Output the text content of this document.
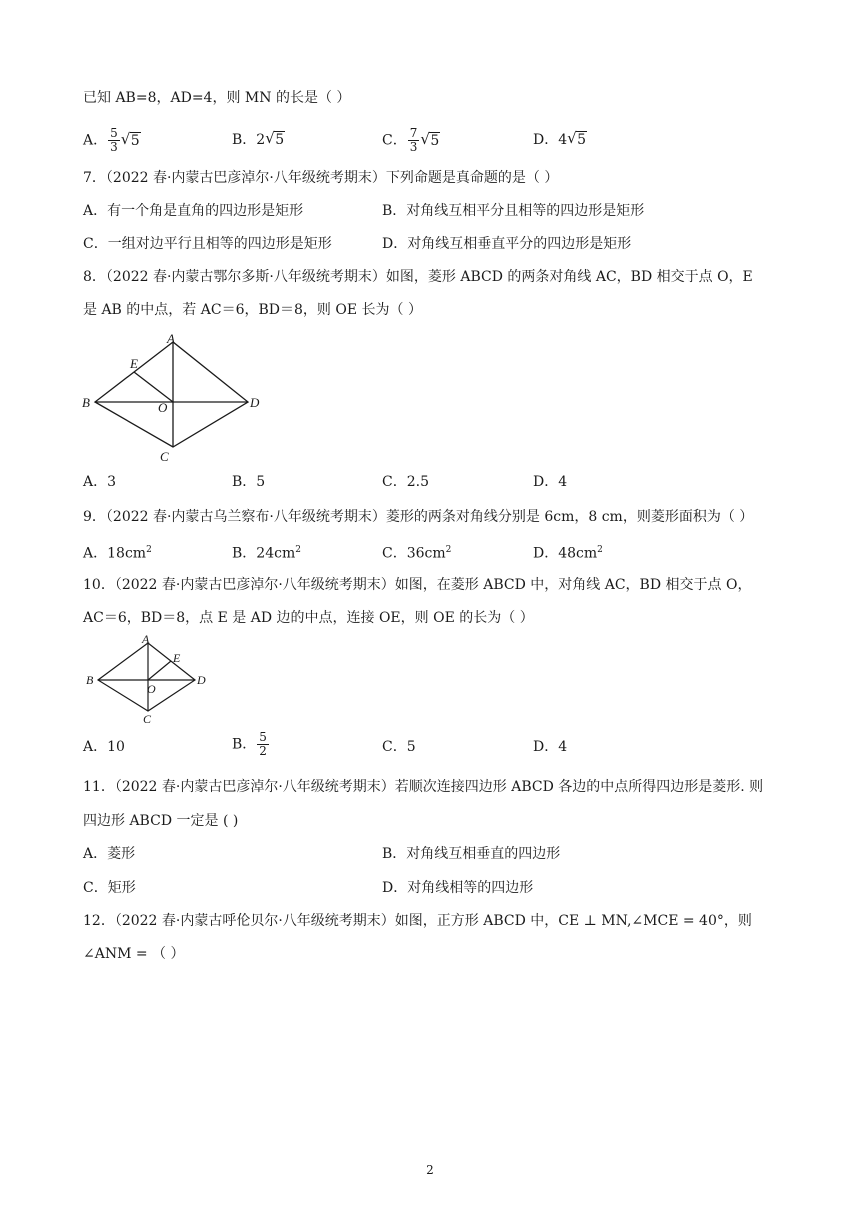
已知 AB=8，AD=4，则 MN 的长是（ ）
A． $\frac{5}{3}$ √ 5	B．2 √ 5	C． $\frac{7}{3}$ √ 5	D．4 √ 5
7．（2022 春·内蒙古巴彦淖尔·八年级统考期末）下列命题是真命题的是（ ）
A．有一个角是直角的四边形是矩形	B．对角线互相平分且相等的四边形是矩形
C．一组对边平行且相等的四边形是矩形	D．对角线互相垂直平分的四边形是矩形
8．（2022 春·内蒙古鄂尔多斯·八年级统考期末）如图，菱形 ABCD 的两条对角线 AC，BD 相交于点 O，E
是 AB 的中点，若 AC＝6，BD＝8，则 OE 长为（ ）
A
B
C
D
E
O
A．3	B．5	C．2.5	D．4
9．（2022 春·内蒙古乌兰察布·八年级统考期末）菱形的两条对角线分别是 6cm，8 cm，则菱形面积为（ ）
A．$18cm^2$	B．$24cm^2$	C．$36cm^2$	D．$48cm^2$
10．（2022 春·内蒙古巴彦淖尔·八年级统考期末）如图，在菱形 ABCD 中，对角线 AC，BD 相交于点 O，
AC＝6，BD＝8，点 E 是 AD 边的中点，连接 OE，则 OE 的长为（ ）
A
B
C
D
E
O
A．10	B． $\frac{5}{2}$	C．5	D．4
11．（2022 春·内蒙古巴彦淖尔·八年级统考期末）若顺次连接四边形 ABCD 各边的中点所得四边形是菱形. 则
四边形 ABCD 一定是 ( )
A．菱形	B．对角线互相垂直的四边形
C．矩形	D．对角线相等的四边形
12．（2022 春·内蒙古呼伦贝尔·八年级统考期末）如图，正方形 ABCD 中，CE ⊥ MN,∠MCE = 40°，则
∠ANM = （ ）
2
